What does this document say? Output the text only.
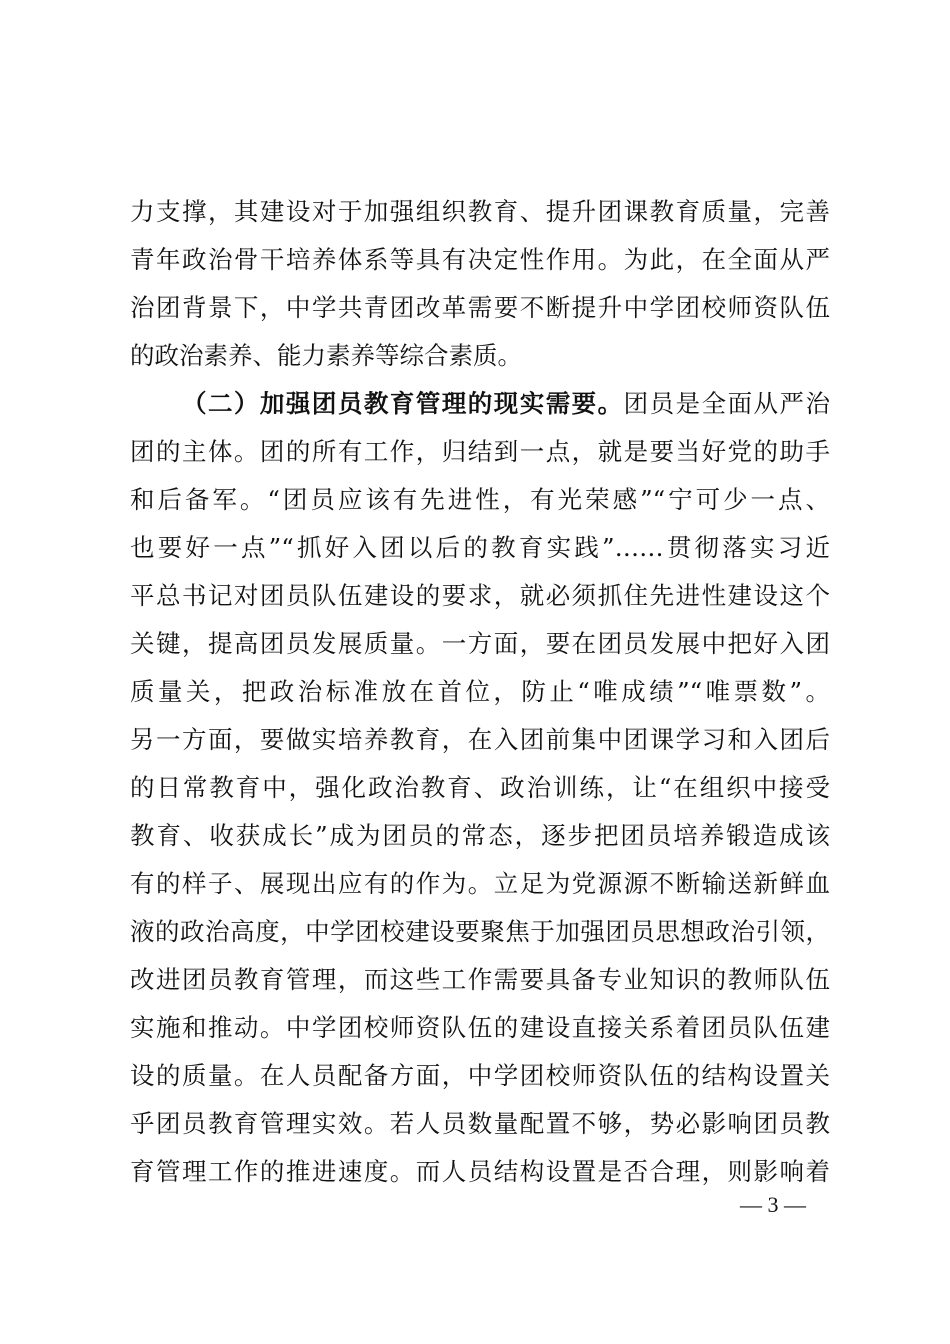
力支撑，其建设对于加强组织教育、提升团课教育质量，完善
青年政治骨干培养体系等具有决定性作用。为此，在全面从严
治团背景下，中学共青团改革需要不断提升中学团校师资队伍
的政治素养、能力素养等综合素质。
（二）加强团员教育管理的现实需要。团员是全面从严治
团的主体。团的所有工作，归结到一点，就是要当好党的助手
和后备军。“团员应该有先进性，有光荣感”“宁可少一点、
也要好一点”“抓好入团以后的教育实践”……贯彻落实习近
平总书记对团员队伍建设的要求，就必须抓住先进性建设这个
关键，提高团员发展质量。一方面，要在团员发展中把好入团
质量关，把政治标准放在首位，防止“唯成绩”“唯票数”。
另一方面，要做实培养教育，在入团前集中团课学习和入团后
的日常教育中，强化政治教育、政治训练，让“在组织中接受
教育、收获成长”成为团员的常态，逐步把团员培养锻造成该
有的样子、展现出应有的作为。立足为党源源不断输送新鲜血
液的政治高度，中学团校建设要聚焦于加强团员思想政治引领，
改进团员教育管理，而这些工作需要具备专业知识的教师队伍
实施和推动。中学团校师资队伍的建设直接关系着团员队伍建
设的质量。在人员配备方面，中学团校师资队伍的结构设置关
乎团员教育管理实效。若人员数量配置不够，势必影响团员教
育管理工作的推进速度。而人员结构设置是否合理，则影响着
— 3 —
